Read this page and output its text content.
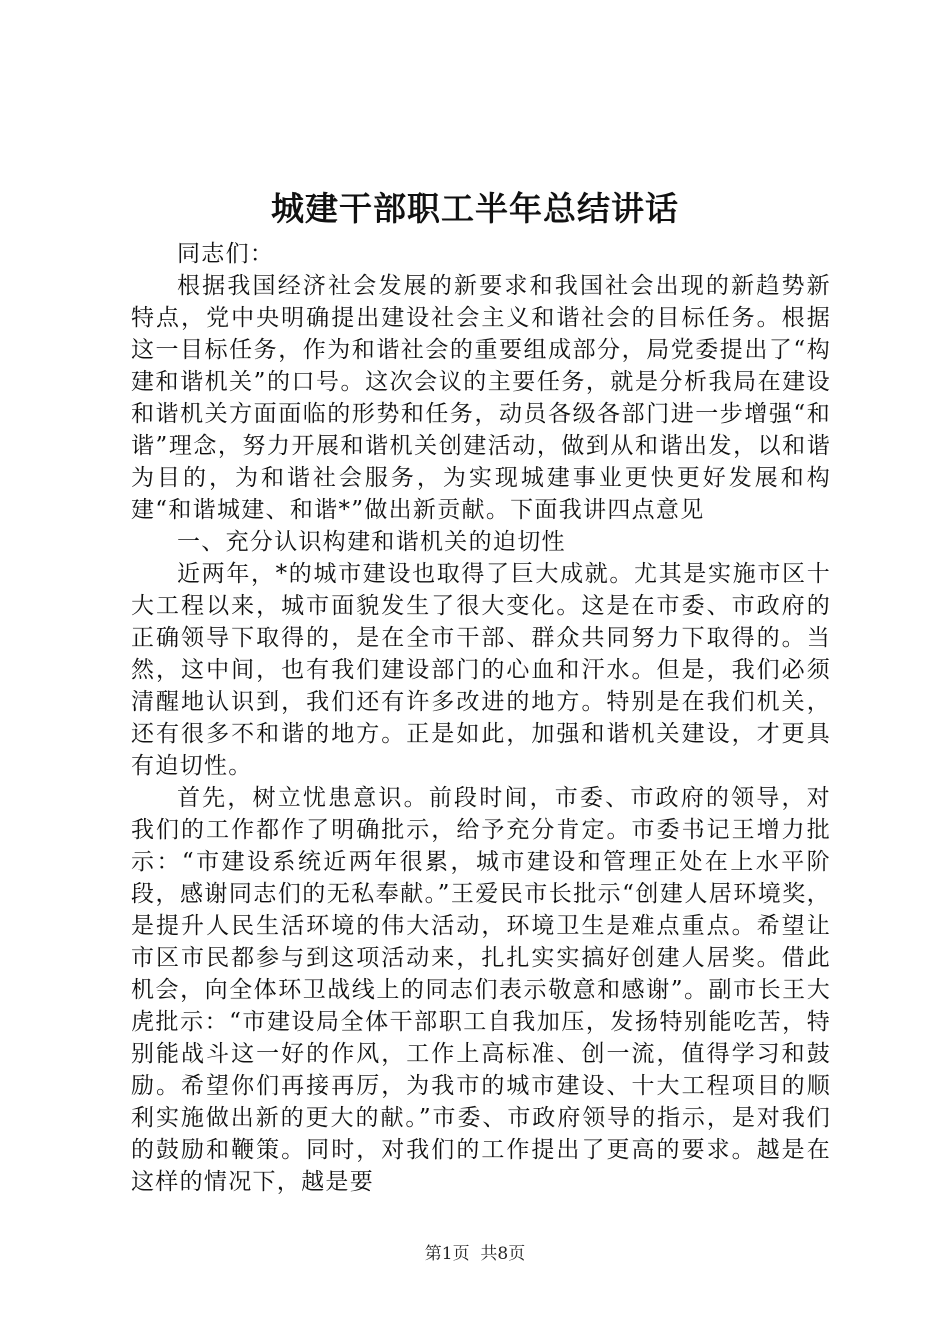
城建干部职工半年总结讲话

同志们：

根据我国经济社会发展的新要求和我国社会出现的新趋势新特点，党中央明确提出建设社会主义和谐社会的目标任务。根据这一目标任务，作为和谐社会的重要组成部分，局党委提出了“构建和谐机关”的口号。这次会议的主要任务，就是分析我局在建设和谐机关方面面临的形势和任务，动员各级各部门进一步增强“和谐”理念，努力开展和谐机关创建活动，做到从和谐出发，以和谐为目的，为和谐社会服务，为实现城建事业更快更好发展和构建“和谐城建、和谐*”做出新贡献。下面我讲四点意见

一、充分认识构建和谐机关的迫切性

近两年，*的城市建设也取得了巨大成就。尤其是实施市区十大工程以来，城市面貌发生了很大变化。这是在市委、市政府的正确领导下取得的，是在全市干部、群众共同努力下取得的。当然，这中间，也有我们建设部门的心血和汗水。但是，我们必须清醒地认识到，我们还有许多改进的地方。特别是在我们机关，还有很多不和谐的地方。正是如此，加强和谐机关建设，才更具有迫切性。

首先，树立忧患意识。前段时间，市委、市政府的领导，对我们的工作都作了明确批示，给予充分肯定。市委书记王增力批示：“市建设系统近两年很累，城市建设和管理正处在上水平阶段，感谢同志们的无私奉献。”王爱民市长批示“创建人居环境奖，是提升人民生活环境的伟大活动，环境卫生是难点重点。希望让市区市民都参与到这项活动来，扎扎实实搞好创建人居奖。借此机会，向全体环卫战线上的同志们表示敬意和感谢”。副市长王大虎批示：“市建设局全体干部职工自我加压，发扬特别能吃苦，特别能战斗这一好的作风，工作上高标准、创一流，值得学习和鼓励。希望你们再接再厉，为我市的城市建设、十大工程项目的顺利实施做出新的更大的献。”市委、市政府领导的指示，是对我们的鼓励和鞭策。同时，对我们的工作提出了更高的要求。越是在这样的情况下，越是要

第1页 共8页
